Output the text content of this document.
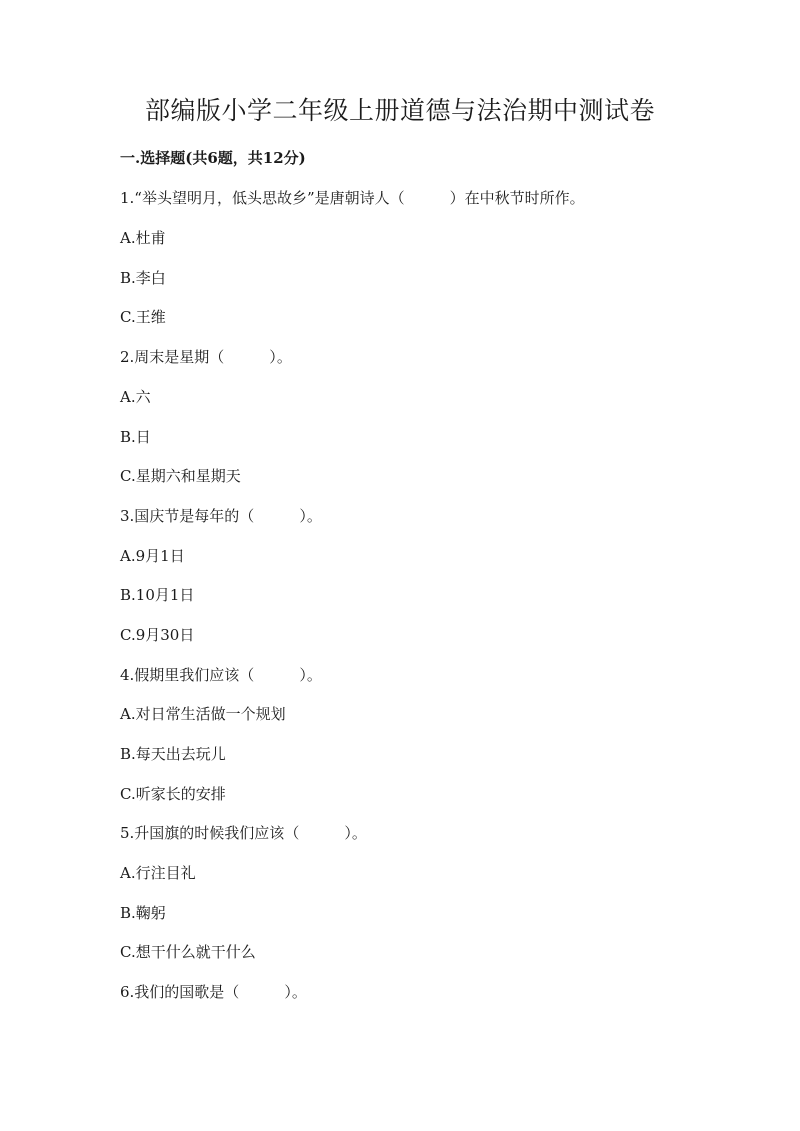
部编版小学二年级上册道德与法治期中测试卷
一.选择题(共6题，共12分)

1.“举头望明月，低头思故乡”是唐朝诗人（　　　）在中秋节时所作。

A.杜甫

B.李白

C.王维

2.周末是星期（　　　）。

A.六

B.日

C.星期六和星期天

3.国庆节是每年的（　　　）。

A.9月1日

B.10月1日

C.9月30日

4.假期里我们应该（　　　）。

A.对日常生活做一个规划

B.每天出去玩儿

C.听家长的安排

5.升国旗的时候我们应该（　　　）。

A.行注目礼

B.鞠躬

C.想干什么就干什么

6.我们的国歌是（　　　）。
